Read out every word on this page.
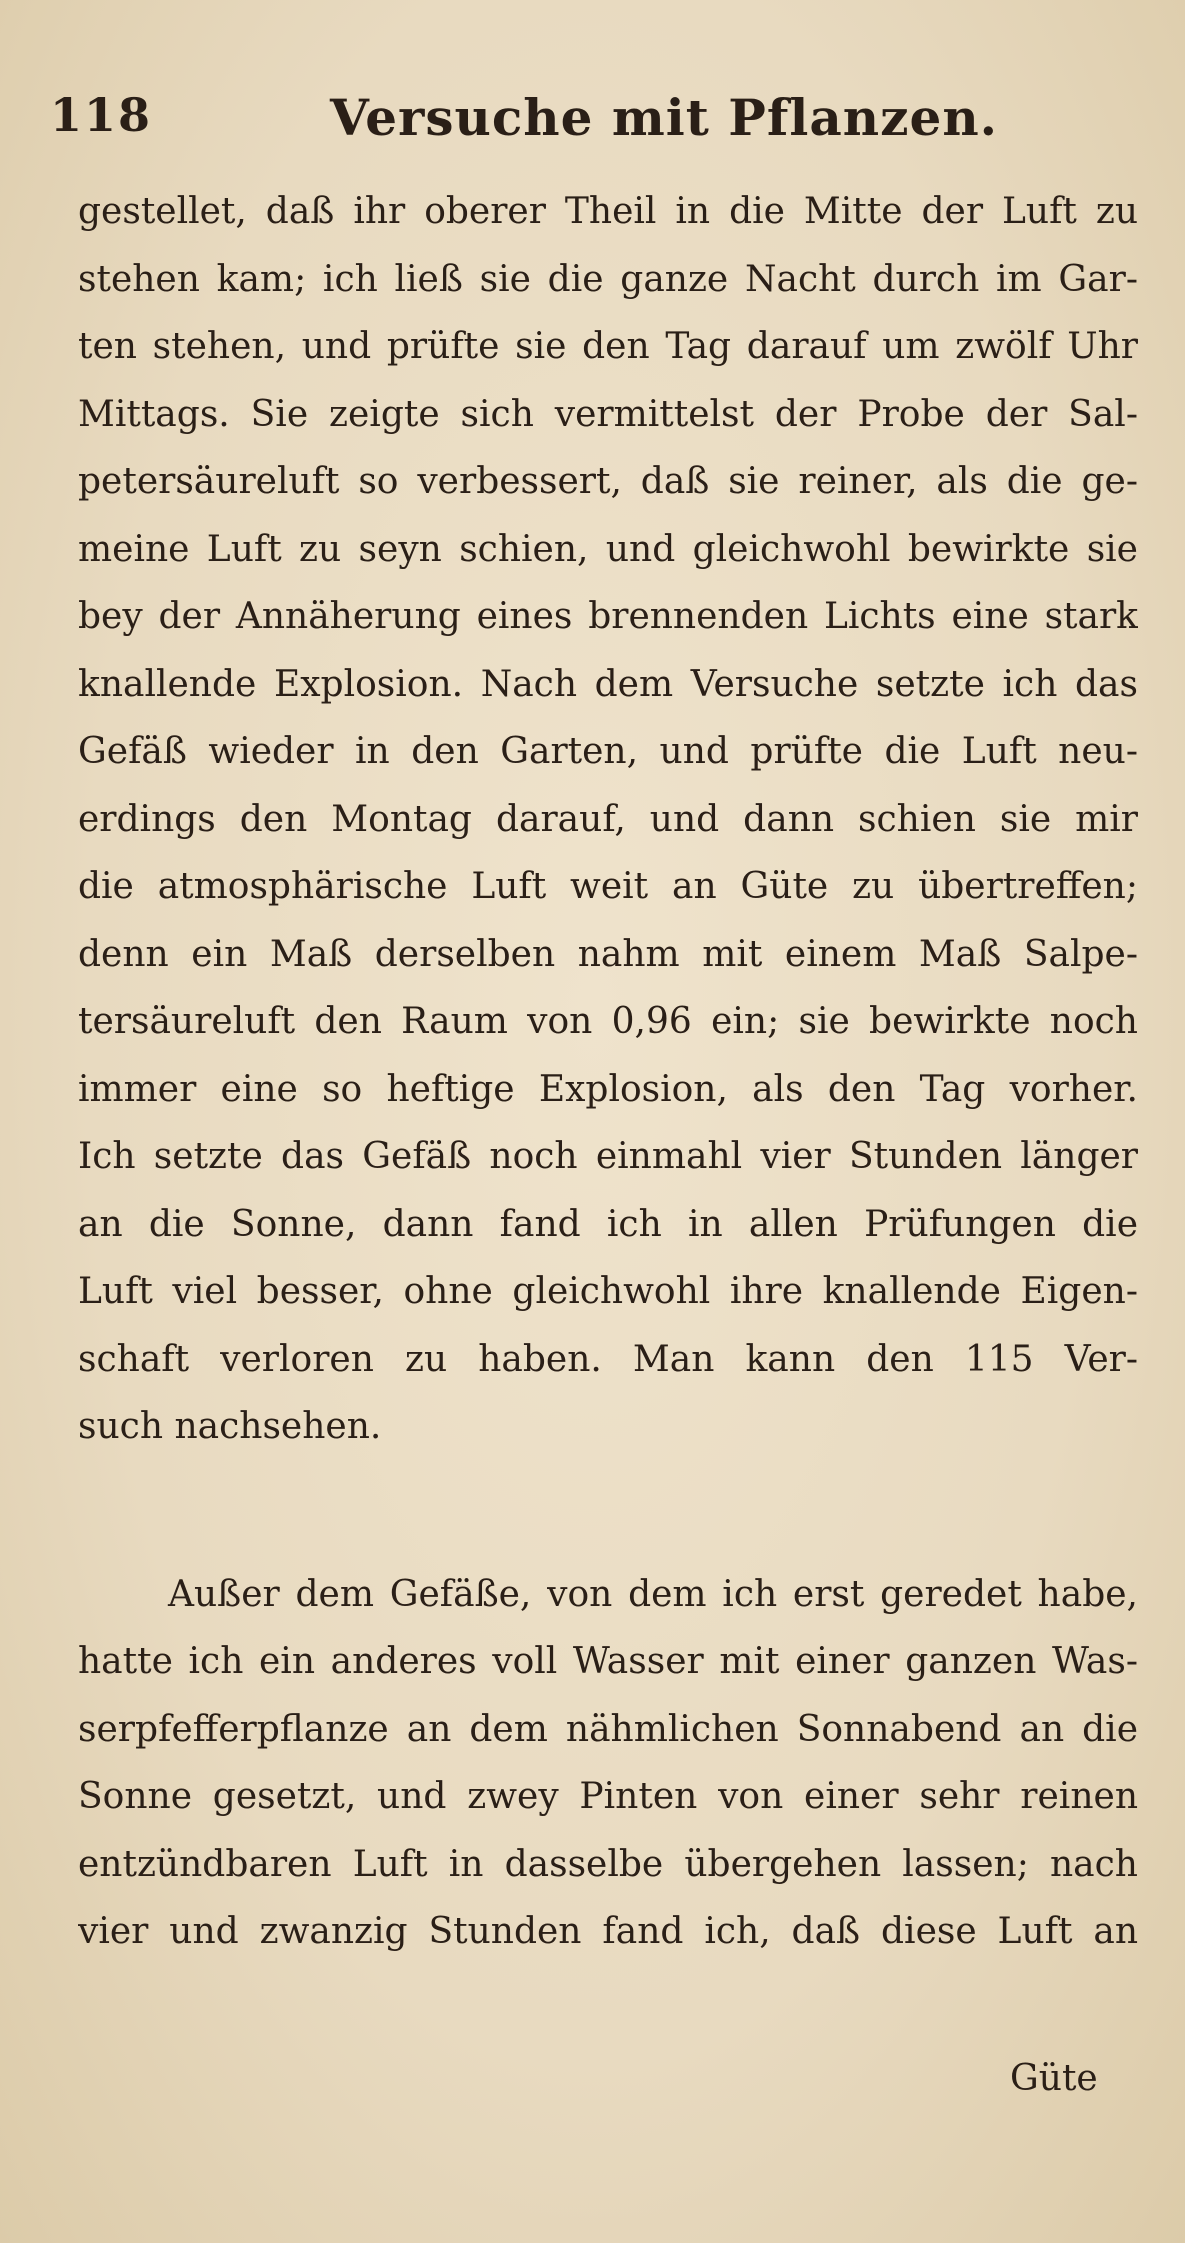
118	Versuche mit Pflanzen.
gestellet, daß ihr oberer Theil in die Mitte der Luft zu
stehen kam; ich ließ sie die ganze Nacht durch im Gar-
ten stehen, und prüfte sie den Tag darauf um zwölf Uhr
Mittags. Sie zeigte sich vermittelst der Probe der Sal-
petersäureluft so verbessert, daß sie reiner, als die ge-
meine Luft zu seyn schien, und gleichwohl bewirkte sie
bey der Annäherung eines brennenden Lichts eine stark
knallende Explosion. Nach dem Versuche setzte ich das
Gefäß wieder in den Garten, und prüfte die Luft neu-
erdings den Montag darauf, und dann schien sie mir
die atmosphärische Luft weit an Güte zu übertreffen;
denn ein Maß derselben nahm mit einem Maß Salpe-
tersäureluft den Raum von 0,96 ein; sie bewirkte noch
immer eine so heftige Explosion, als den Tag vorher.
Ich setzte das Gefäß noch einmahl vier Stunden länger
an die Sonne, dann fand ich in allen Prüfungen die
Luft viel besser, ohne gleichwohl ihre knallende Eigen-
schaft verloren zu haben. Man kann den 115 Ver-
such nachsehen.
Außer dem Gefäße, von dem ich erst geredet habe,
hatte ich ein anderes voll Wasser mit einer ganzen Was-
serpfefferpflanze an dem nähmlichen Sonnabend an die
Sonne gesetzt, und zwey Pinten von einer sehr reinen
entzündbaren Luft in dasselbe übergehen lassen; nach
vier und zwanzig Stunden fand ich, daß diese Luft an
Güte
